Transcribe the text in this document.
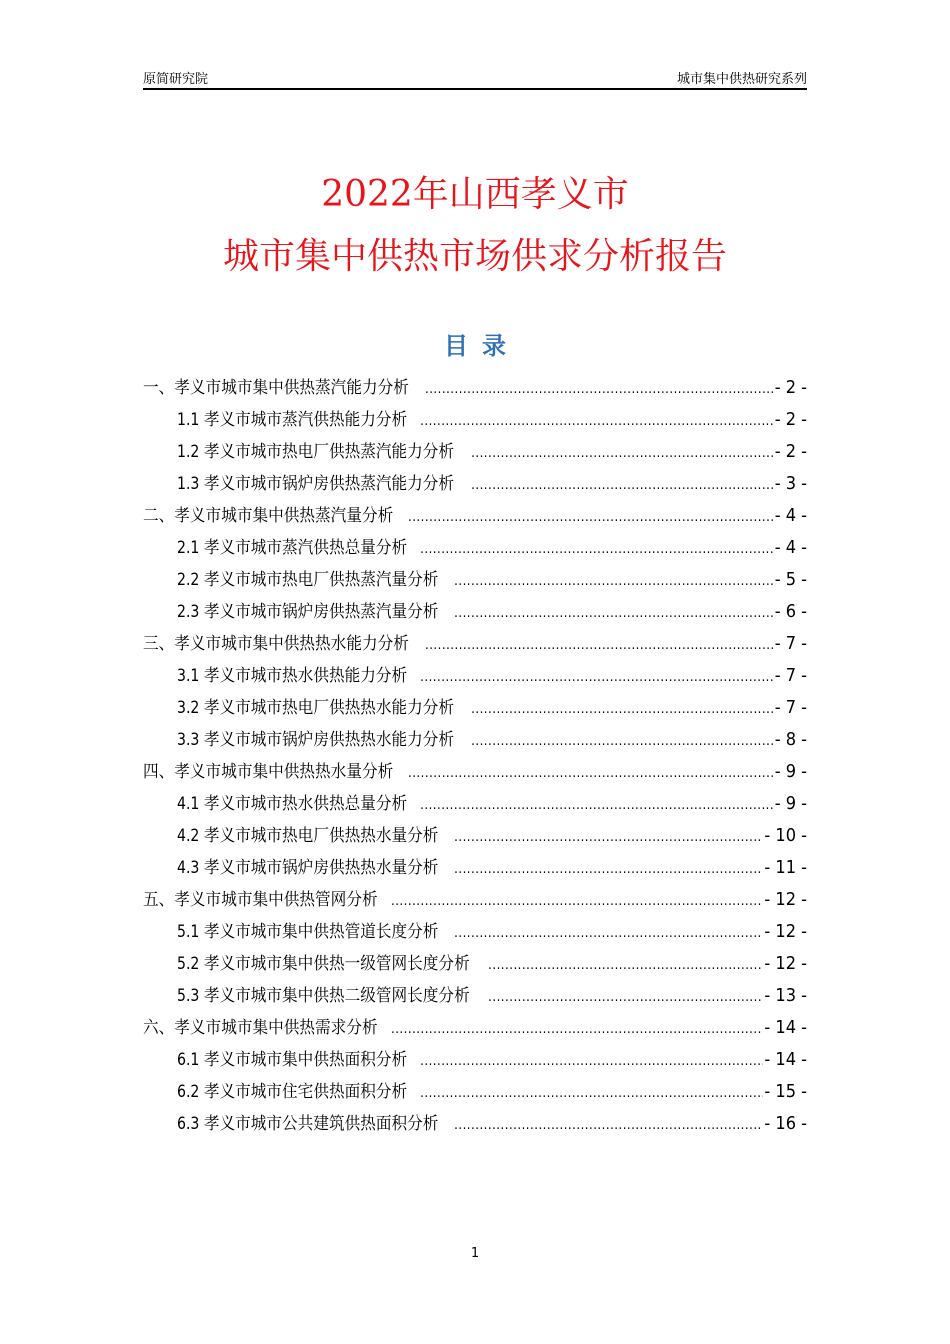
原简研究院	城市集中供热研究系列
2022年山西孝义市
城市集中供热市场供求分析报告
目录
一、孝义市城市集中供热蒸汽能力分析 .....	- 2 -
1.1 孝义市城市蒸汽供热能力分析 .....	- 2 -
1.2 孝义市城市热电厂供热蒸汽能力分析 .....	- 2 -
1.3 孝义市城市锅炉房供热蒸汽能力分析 .....	- 3 -
二、孝义市城市集中供热蒸汽量分析 .....	- 4 -
2.1 孝义市城市蒸汽供热总量分析 .....	- 4 -
2.2 孝义市城市热电厂供热蒸汽量分析 .....	- 5 -
2.3 孝义市城市锅炉房供热蒸汽量分析 .....	- 6 -
三、孝义市城市集中供热热水能力分析 .....	- 7 -
3.1 孝义市城市热水供热能力分析 .....	- 7 -
3.2 孝义市城市热电厂供热热水能力分析 .....	- 7 -
3.3 孝义市城市锅炉房供热热水能力分析 .....	- 8 -
四、孝义市城市集中供热热水量分析 .....	- 9 -
4.1 孝义市城市热水供热总量分析 .....	- 9 -
4.2 孝义市城市热电厂供热热水量分析 .....	- 10 -
4.3 孝义市城市锅炉房供热热水量分析 .....	- 11 -
五、孝义市城市集中供热管网分析 .....	- 12 -
5.1 孝义市城市集中供热管道长度分析 .....	- 12 -
5.2 孝义市城市集中供热一级管网长度分析 .....	- 12 -
5.3 孝义市城市集中供热二级管网长度分析 .....	- 13 -
六、孝义市城市集中供热需求分析 .....	- 14 -
6.1 孝义市城市集中供热面积分析 .....	- 14 -
6.2 孝义市城市住宅供热面积分析 .....	- 15 -
6.3 孝义市城市公共建筑供热面积分析 .....	- 16 -
1
